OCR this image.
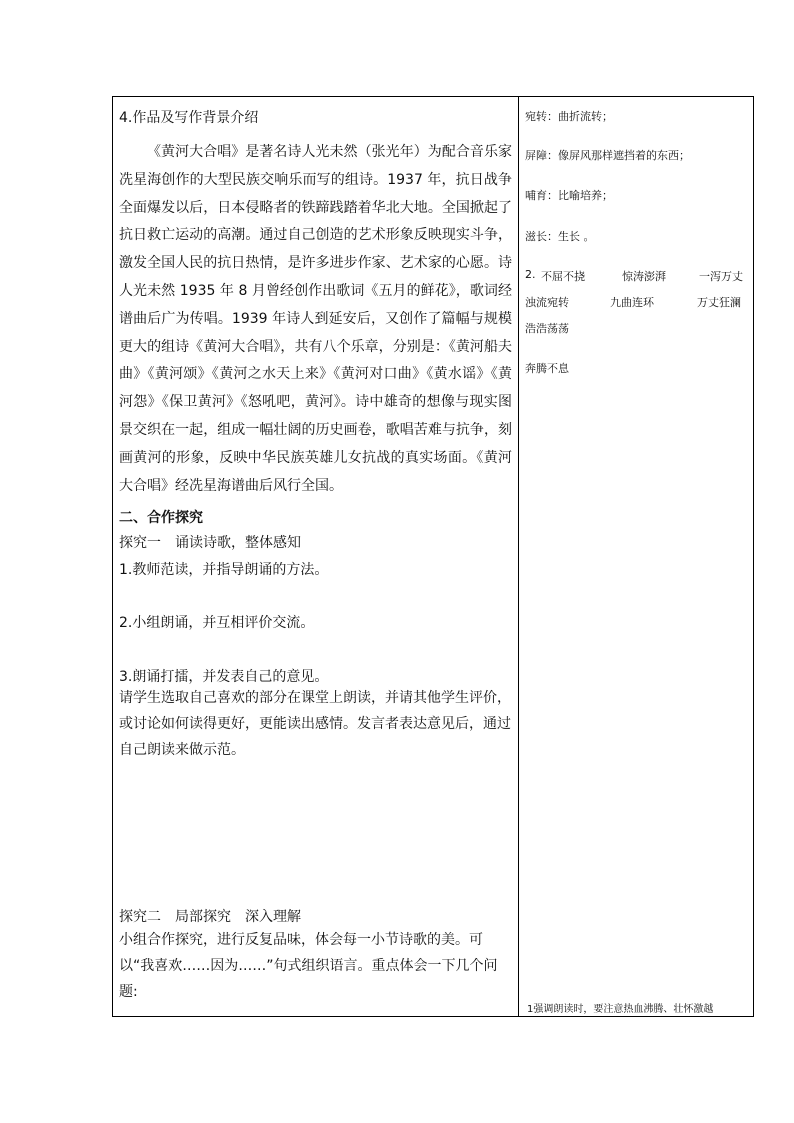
4.作品及写作背景介绍
《黄河大合唱》是著名诗人光未然（张光年）为配合音乐家冼星海创作的大型民族交响乐而写的组诗。1937 年，抗日战争全面爆发以后，日本侵略者的铁蹄践踏着华北大地。全国掀起了抗日救亡运动的高潮。通过自己创造的艺术形象反映现实斗争，激发全国人民的抗日热情，是许多进步作家、艺术家的心愿。诗人光未然 1935 年 8 月曾经创作出歌词《五月的鲜花》，歌词经谱曲后广为传唱。1939 年诗人到延安后，又创作了篇幅与规模更大的组诗《黄河大合唱》，共有八个乐章，分别是：《黄河船夫曲》《黄河颂》《黄河之水天上来》《黄河对口曲》《黄水谣》《黄河怨》《保卫黄河》《怒吼吧，黄河》。诗中雄奇的想像与现实图景交织在一起，组成一幅壮阔的历史画卷，歌唱苦难与抗争，刻画黄河的形象，反映中华民族英雄儿女抗战的真实场面。《黄河大合唱》经冼星海谱曲后风行全国。
二、合作探究
探究一　诵读诗歌，整体感知
1.教师范读，并指导朗诵的方法。
2.小组朗诵，并互相评价交流。
3.朗诵打擂，并发表自己的意见。
请学生选取自己喜欢的部分在课堂上朗读，并请其他学生评价，或讨论如何读得更好，更能读出感情。发言者表达意见后，通过自己朗读来做示范。
探究二　局部探究　深入理解
小组合作探究，进行反复品味，体会每一小节诗歌的美。可以“我喜欢……因为……”句式组织语言。重点体会一下几个问题:
宛转：曲折流转；
屏障：像屏风那样遮挡着的东西；
哺育：比喻培养；
滋长：生长 。
2. 不屈不挠	惊涛澎湃	一泻万丈
浊流宛转	九曲连环	万丈狂澜
浩浩荡荡
奔腾不息
1强调朗读时，要注意热血沸腾、壮怀激越
